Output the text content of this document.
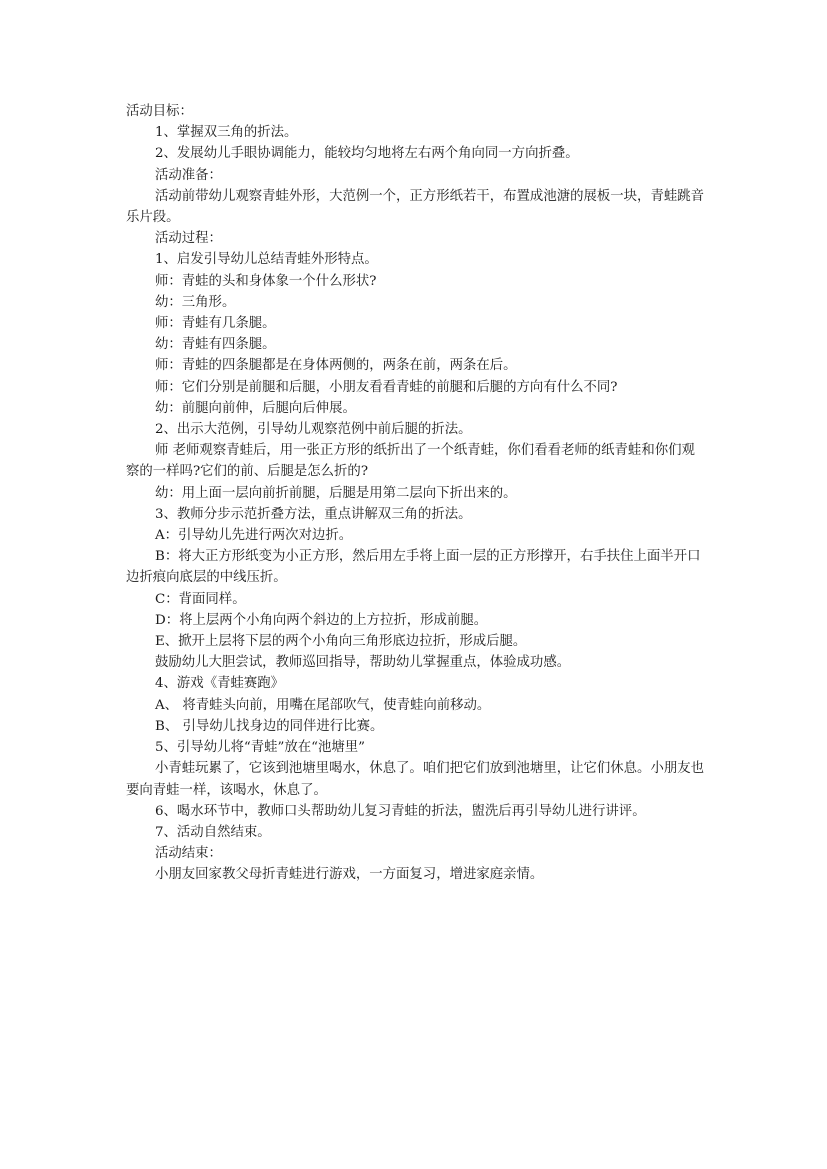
活动目标：

1、掌握双三角的折法。

2、发展幼儿手眼协调能力，能较均匀地将左右两个角向同一方向折叠。

活动准备：

活动前带幼儿观察青蛙外形，大范例一个，正方形纸若干，布置成池溏的展板一块，青蛙跳音乐片段。

活动过程：

1、启发引导幼儿总结青蛙外形特点。

师：青蛙的头和身体象一个什么形状?

幼：三角形。

师：青蛙有几条腿。

幼：青蛙有四条腿。

师：青蛙的四条腿都是在身体两侧的，两条在前，两条在后。

师：它们分别是前腿和后腿，小朋友看看青蛙的前腿和后腿的方向有什么不同?

幼：前腿向前伸，后腿向后伸展。

2、出示大范例，引导幼儿观察范例中前后腿的折法。

师 老师观察青蛙后，用一张正方形的纸折出了一个纸青蛙，你们看看老师的纸青蛙和你们观察的一样吗?它们的前、后腿是怎么折的?

幼：用上面一层向前折前腿，后腿是用第二层向下折出来的。

3、教师分步示范折叠方法，重点讲解双三角的折法。

A：引导幼儿先进行两次对边折。

B：将大正方形纸变为小正方形，然后用左手将上面一层的正方形撑开，右手扶住上面半开口边折痕向底层的中线压折。

C：背面同样。

D：将上层两个小角向两个斜边的上方拉折，形成前腿。

E、掀开上层将下层的两个小角向三角形底边拉折，形成后腿。

鼓励幼儿大胆尝试，教师巡回指导，帮助幼儿掌握重点，体验成功感。

4、游戏《青蛙赛跑》

A、 将青蛙头向前，用嘴在尾部吹气，使青蛙向前移动。

B、 引导幼儿找身边的同伴进行比赛。

5、引导幼儿将“青蛙”放在“池塘里”

小青蛙玩累了，它该到池塘里喝水，休息了。咱们把它们放到池塘里，让它们休息。小朋友也要向青蛙一样，该喝水，休息了。

6、喝水环节中，教师口头帮助幼儿复习青蛙的折法，盥洗后再引导幼儿进行讲评。

7、活动自然结束。

活动结束：

小朋友回家教父母折青蛙进行游戏，一方面复习，增进家庭亲情。
